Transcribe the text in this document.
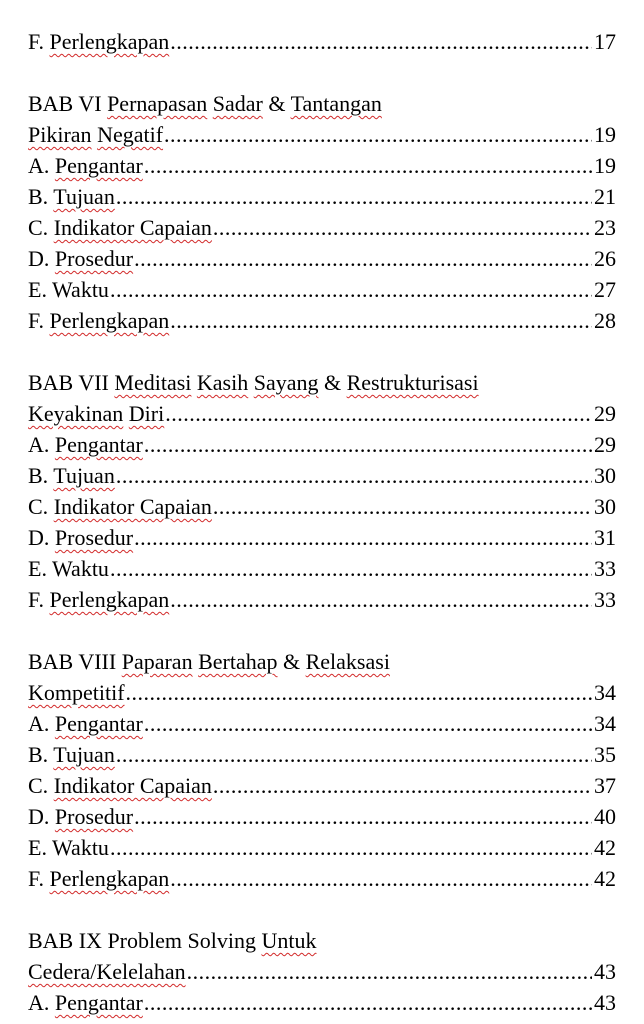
F. Perlengkapan .....	17
BAB VI Pernapasan Sadar & Tantangan
Pikiran Negatif .....	19
A. Pengantar .....	19
B. Tujuan .....	21
C. Indikator Capaian .....	23
D. Prosedur .....	26
E. Waktu .....	27
F. Perlengkapan .....	28
BAB VII Meditasi Kasih Sayang & Restrukturisasi
Keyakinan Diri .....	29
A. Pengantar .....	29
B. Tujuan .....	30
C. Indikator Capaian .....	30
D. Prosedur .....	31
E. Waktu .....	33
F. Perlengkapan .....	33
BAB VIII Paparan Bertahap & Relaksasi
Kompetitif .....	34
A. Pengantar .....	34
B. Tujuan .....	35
C. Indikator Capaian .....	37
D. Prosedur .....	40
E. Waktu .....	42
F. Perlengkapan .....	42
BAB IX Problem Solving Untuk
Cedera/Kelelahan .....	43
A. Pengantar .....	43
